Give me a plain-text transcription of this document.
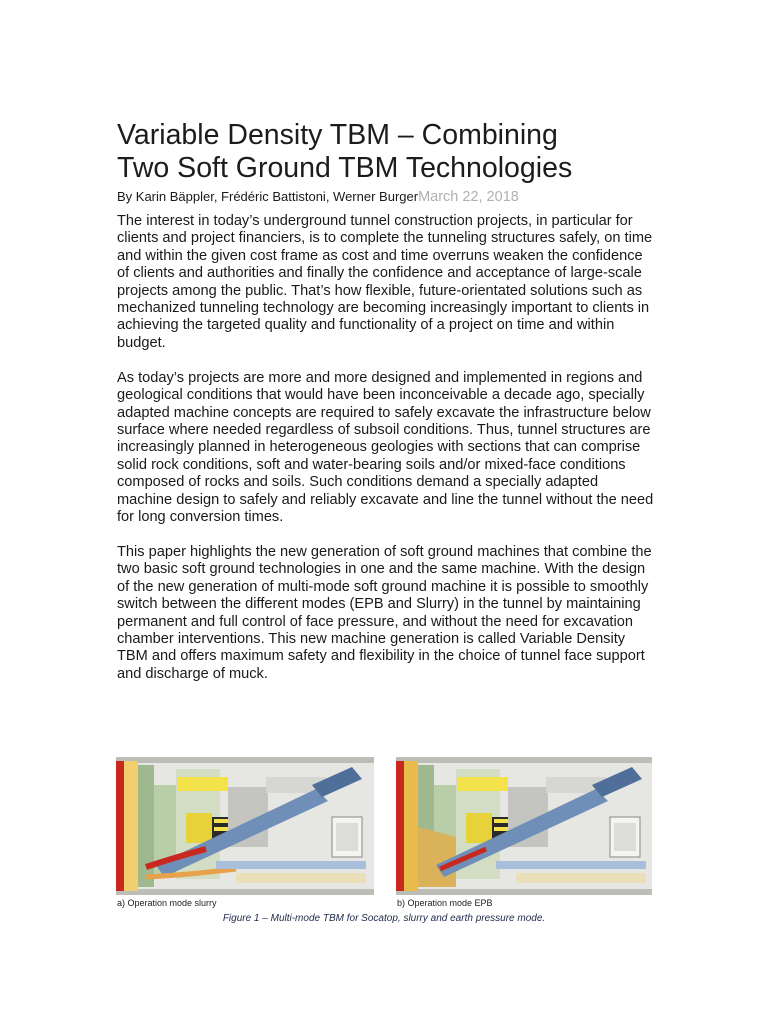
Variable Density TBM – Combining
Two Soft Ground TBM Technologies
By Karin Bäppler, Frédéric Battistoni, Werner BurgerMarch 22, 2018

The interest in today’s underground tunnel construction projects, in particular for clients and project financiers, is to complete the tunneling structures safely, on time and within the given cost frame as cost and time overruns weaken the confidence of clients and authorities and finally the confidence and acceptance of large-scale projects among the public. That’s how flexible, future-orientated solutions such as mechanized tunneling technology are becoming increasingly important to clients in achieving the targeted quality and functionality of a project on time and within budget.

As today’s projects are more and more designed and implemented in regions and geological conditions that would have been inconceivable a decade ago, specially adapted machine concepts are required to safely excavate the infrastructure below surface where needed regardless of subsoil conditions. Thus, tunnel structures are increasingly planned in heterogeneous geologies with sections that can comprise solid rock conditions, soft and water-bearing soils and/or mixed-face conditions composed of rocks and soils. Such conditions demand a specially adapted machine design to safely and reliably excavate and line the tunnel without the need for long conversion times.

This paper highlights the new generation of soft ground machines that combine the two basic soft ground technologies in one and the same machine. With the design of the new generation of multi-mode soft ground machine it is possible to smoothly switch between the different modes (EPB and Slurry) in the tunnel by maintaining permanent and full control of face pressure, and without the need for excavation chamber interventions. This new machine generation is called Variable Density TBM and offers maximum safety and flexibility in the choice of tunnel face support and discharge of muck.

a) Operation mode slurry	b) Operation mode EPB
Figure 1 – Multi-mode TBM for Socatop, slurry and earth pressure mode.
